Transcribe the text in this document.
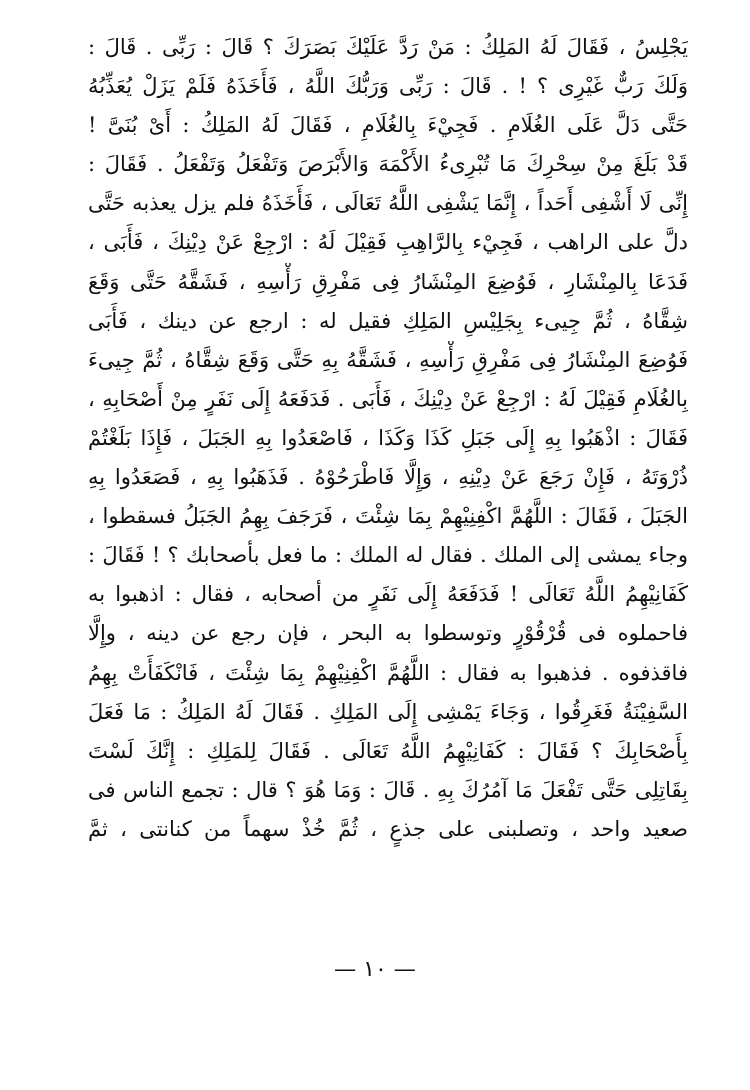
يَجْلِسُ ، فَقَالَ لَهُ المَلِكُ : مَنْ رَدَّ عَلَيْكَ بَصَرَكَ ؟ قَالَ : رَبِّى . قَالَ :
وَلَكَ رَبٌّ غَيْرِى ؟ ! . قَالَ : رَبِّى وَرَبُّكَ اللَّهُ ، فَأَخَذَهُ فَلَمْ يَزَلْ يُعَذِّبُهُ
حَتَّى دَلَّ عَلَى الغُلَامِ . فَجِيْءَ بِالغُلَامِ ، فَقَالَ لَهُ المَلِكُ : أَىْ بُنَىَّ !
قَدْ بَلَغَ مِنْ سِحْرِكَ مَا تُبْرِىءُ الأَكْمَهَ وَالأَبْرَصَ وَتَفْعَلُ وَتَفْعَلُ . فَقَالَ :
إِنِّى لَا أَشْفِى أَحَداً ، إِنَّمَا يَشْفِى اللَّهُ تَعَالَى ، فَأَخَذَهُ فلم يزل يعذبه حَتَّى
دلَّ على الراهب ، فَجِيْء بِالرَّاهِبِ فَقِيْلَ لَهُ : ارْجِعْ عَنْ دِيْنِكَ ، فَأَبَى ،
فَدَعَا بِالمِنْشَارِ ، فَوُضِعَ المِنْشَارُ فِى مَفْرِقِ رَأْسِهِ ، فَشَقَّهُ حَتَّى وَقَعَ
شِقَّاهُ ، ثُمَّ جِيىء بِجَلِيْسِ المَلِكِ فقيل له : ارجع عن دينك ، فَأَبَى
فَوُضِعَ المِنْشَارُ فِى مَفْرِقِ رَأْسِهِ ، فَشَقَّهُ بِهِ حَتَّى وَقَعَ شِقَّاهُ ، ثُمَّ جِيىءَ
بِالغُلَامِ فَقِيْلَ لَهُ : ارْجِعْ عَنْ دِيْنِكَ ، فَأَبَى . فَدَفَعَهُ إِلَى نَفَرٍ مِنْ أَصْحَابِهِ ،
فَقَالَ : اذْهَبُوا بِهِ إِلَى جَبَلِ كَذَا وَكَذَا ، فَاصْعَدُوا بِهِ الجَبَلَ ، فَإِذَا بَلَغْتُمْ
ذُرْوَتَهُ ، فَإِنْ رَجَعَ عَنْ دِيْنِهِ ، وَإِلَّا فَاطْرَحُوْهُ . فَذَهَبُوا بِهِ ، فَصَعَدُوا بِهِ
الجَبَلَ ، فَقَالَ : اللَّهُمَّ اكْفِنِيْهِمْ بِمَا شِئْتَ ، فَرَجَفَ بِهِمُ الجَبَلُ فسقطوا ،
وجاء يمشى إلى الملك . فقال له الملك : ما فعل بأصحابك ؟ ! فَقَالَ :
كَفَانِيْهِمُ اللَّهُ تَعَالَى ! فَدَفَعَهُ إِلَى نَفَرٍ من أصحابه ، فقال : اذهبوا به
فاحملوه فى قُرْقُوْرٍ وتوسطوا به البحر ، فإن رجع عن دينه ، وإِلَّا
فاقذفوه . فذهبوا به فقال : اللَّهُمَّ اكْفِنِيْهِمْ بِمَا شِئْتَ ، فَانْكَفَأَتْ بِهِمُ
السَّفِيْنَةُ فَغَرِقُوا ، وَجَاءَ يَمْشِى إِلَى المَلِكِ . فَقَالَ لَهُ المَلِكُ : مَا فَعَلَ
بِأَصْحَابِكَ ؟ فَقَالَ : كَفَانِيْهِمُ اللَّهُ تَعَالَى . فَقَالَ لِلمَلِكِ : إِنَّكَ لَسْتَ
بِقَاتِلِى حَتَّى تَفْعَلَ مَا آمُرُكَ بِهِ . قَالَ : وَمَا هُوَ ؟ قال : تجمع الناس فى
صعيد واحد ، وتصلبنى على جذعٍ ، ثُمَّ خُذْ سهماً من كنانتى ، ثمَّ
— ١٠ —
